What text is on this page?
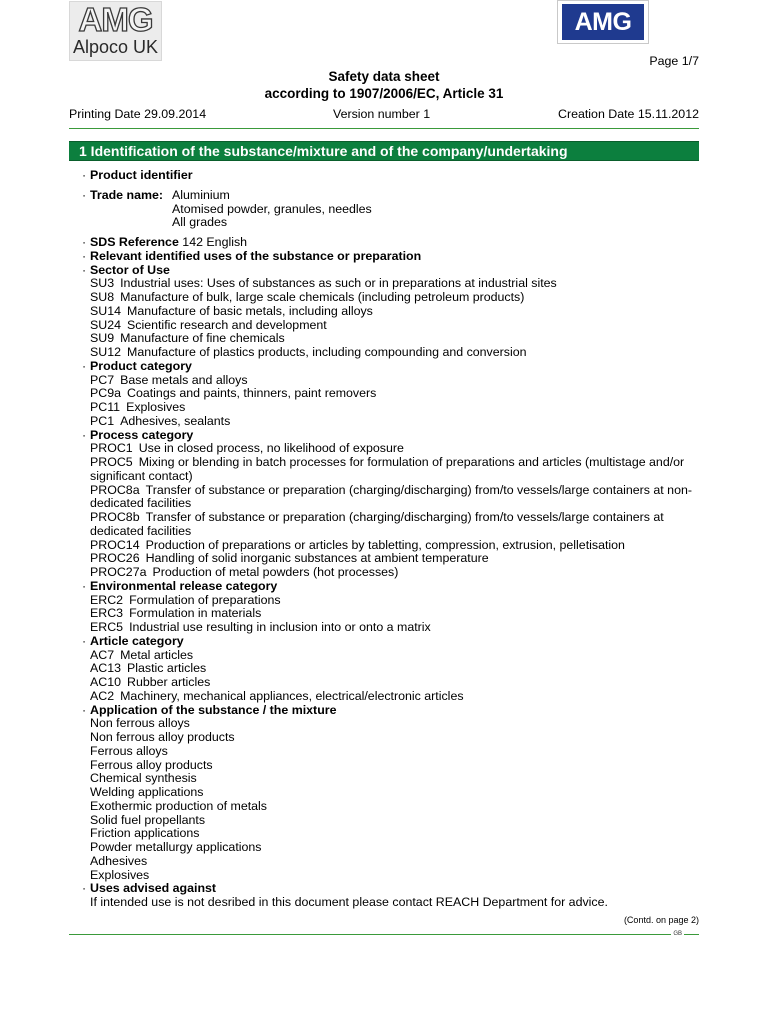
AMG
Alpoco UK
AMG
Page 1/7
Safety data sheet
according to 1907/2006/EC, Article 31
Printing Date 29.09.2014	Version number 1	Creation Date 15.11.2012
1 Identification of the substance/mixture and of the company/undertaking
· Product identifier
· Trade name: Aluminium
Atomised powder, granules, needles
All grades
· SDS Reference 142 English
· Relevant identified uses of the substance or preparation
· Sector of Use
SU3 Industrial uses: Uses of substances as such or in preparations at industrial sites
SU8 Manufacture of bulk, large scale chemicals (including petroleum products)
SU14 Manufacture of basic metals, including alloys
SU24 Scientific research and development
SU9 Manufacture of fine chemicals
SU12 Manufacture of plastics products, including compounding and conversion
· Product category
PC7 Base metals and alloys
PC9a Coatings and paints, thinners, paint removers
PC11 Explosives
PC1 Adhesives, sealants
· Process category
PROC1 Use in closed process, no likelihood of exposure
PROC5 Mixing or blending in batch processes for formulation of preparations and articles (multistage and/or significant contact)
PROC8a Transfer of substance or preparation (charging/discharging) from/to vessels/large containers at non-dedicated facilities
PROC8b Transfer of substance or preparation (charging/discharging) from/to vessels/large containers at dedicated facilities
PROC14 Production of preparations or articles by tabletting, compression, extrusion, pelletisation
PROC26 Handling of solid inorganic substances at ambient temperature
PROC27a Production of metal powders (hot processes)
· Environmental release category
ERC2 Formulation of preparations
ERC3 Formulation in materials
ERC5 Industrial use resulting in inclusion into or onto a matrix
· Article category
AC7 Metal articles
AC13 Plastic articles
AC10 Rubber articles
AC2 Machinery, mechanical appliances, electrical/electronic articles
· Application of the substance / the mixture
Non ferrous alloys
Non ferrous alloy products
Ferrous alloys
Ferrous alloy products
Chemical synthesis
Welding applications
Exothermic production of metals
Solid fuel propellants
Friction applications
Powder metallurgy applications
Adhesives
Explosives
· Uses advised against
If intended use is not desribed in this document please contact REACH Department for advice.
(Contd. on page 2)
GB
